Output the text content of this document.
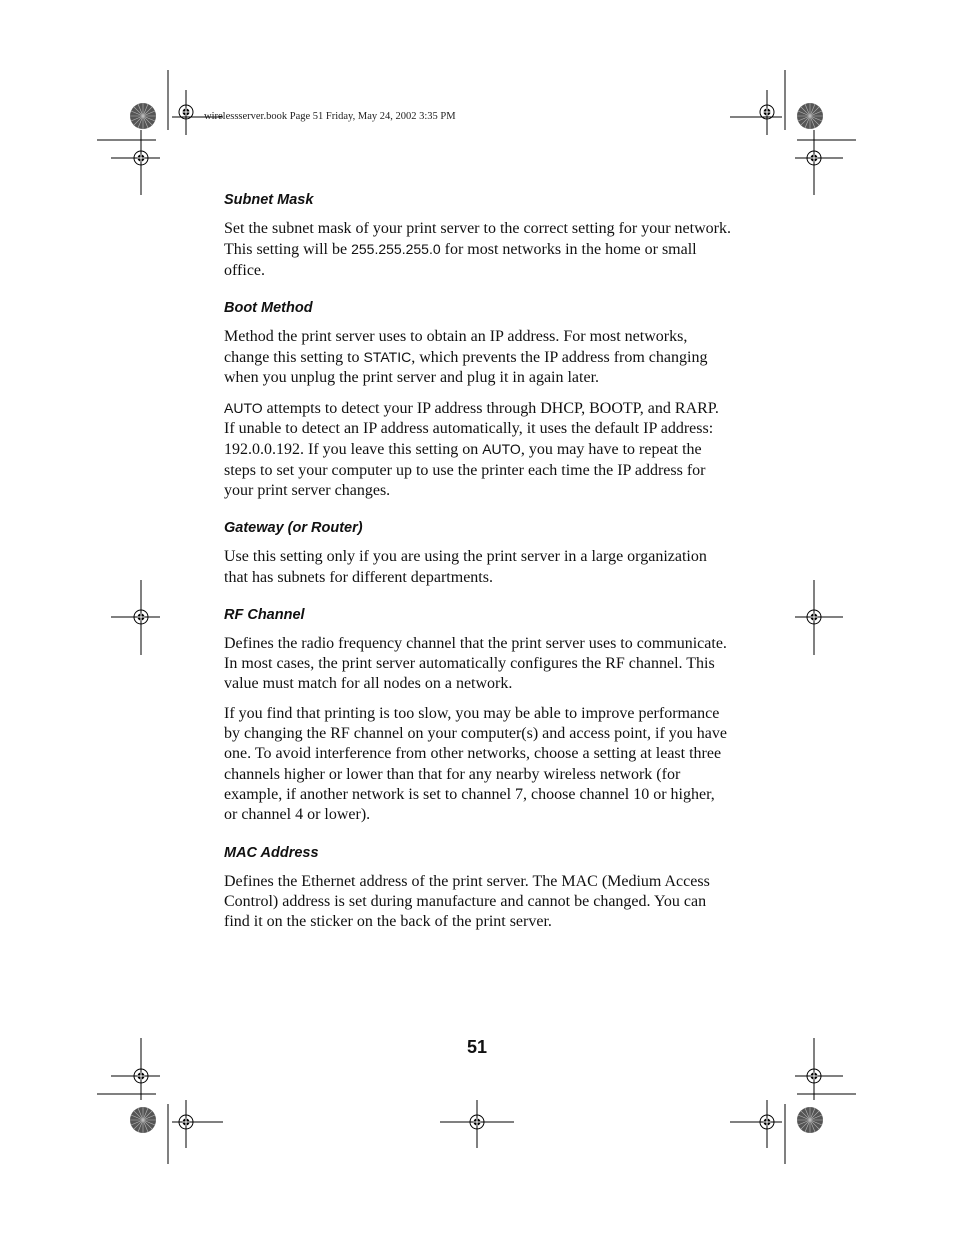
wirelessserver.book Page 51 Friday, May 24, 2002 3:35 PM
Subnet Mask

Set the subnet mask of your print server to the correct setting for your network. This setting will be 255.255.255.0 for most networks in the home or small office.

Boot Method

Method the print server uses to obtain an IP address. For most networks, change this setting to STATIC, which prevents the IP address from changing when you unplug the print server and plug it in again later.

AUTO attempts to detect your IP address through DHCP, BOOTP, and RARP. If unable to detect an IP address automatically, it uses the default IP address: 192.0.0.192. If you leave this setting on AUTO, you may have to repeat the steps to set your computer up to use the printer each time the IP address for your print server changes.

Gateway (or Router)

Use this setting only if you are using the print server in a large organization that has subnets for different departments.

RF Channel

Defines the radio frequency channel that the print server uses to communicate. In most cases, the print server automatically configures the RF channel. This value must match for all nodes on a network.

If you find that printing is too slow, you may be able to improve performance by changing the RF channel on your computer(s) and access point, if you have one. To avoid interference from other networks, choose a setting at least three channels higher or lower than that for any nearby wireless network (for example, if another network is set to channel 7, choose channel 10 or higher, or channel 4 or lower).

MAC Address

Defines the Ethernet address of the print server. The MAC (Medium Access Control) address is set during manufacture and cannot be changed. You can find it on the sticker on the back of the print server.

51
